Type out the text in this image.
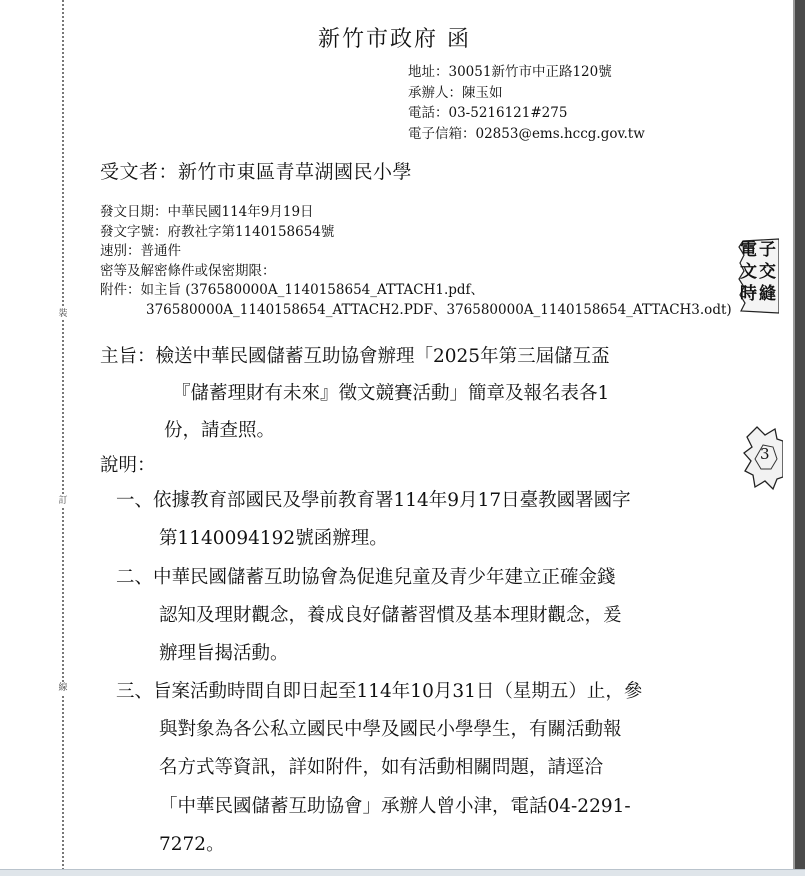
裝
訂
線
新竹市政府 函
地址：30051新竹市中正路120號
承辦人：陳玉如
電話：03-5216121#275
電子信箱：02853@ems.hccg.gov.tw
受文者：新竹市東區青草湖國民小學
發文日期：中華民國114年9月19日
發文字號：府教社字第1140158654號
速別：普通件
密等及解密條件或保密期限：
附件：如主旨 (376580000A_1140158654_ATTACH1.pdf、
376580000A_1140158654_ATTACH2.PDF、376580000A_1140158654_ATTACH3.odt)
主旨：檢送中華民國儲蓄互助協會辦理「2025年第三屆儲互盃
『儲蓄理財有未來』徵文競賽活動」簡章及報名表各1
份，請查照。
說明：
一、依據教育部國民及學前教育署114年9月17日臺教國署國字
第1140094192號函辦理。
二、中華民國儲蓄互助協會為促進兒童及青少年建立正確金錢
認知及理財觀念，養成良好儲蓄習慣及基本理財觀念，爰
辦理旨揭活動。
三、旨案活動時間自即日起至114年10月31日（星期五）止，參
與對象為各公私立國民中學及國民小學學生，有關活動報
名方式等資訊，詳如附件，如有活動相關問題，請逕洽
「中華民國儲蓄互助協會」承辦人曾小津，電話04-2291-
7272。
電子
文交
時縫
3
